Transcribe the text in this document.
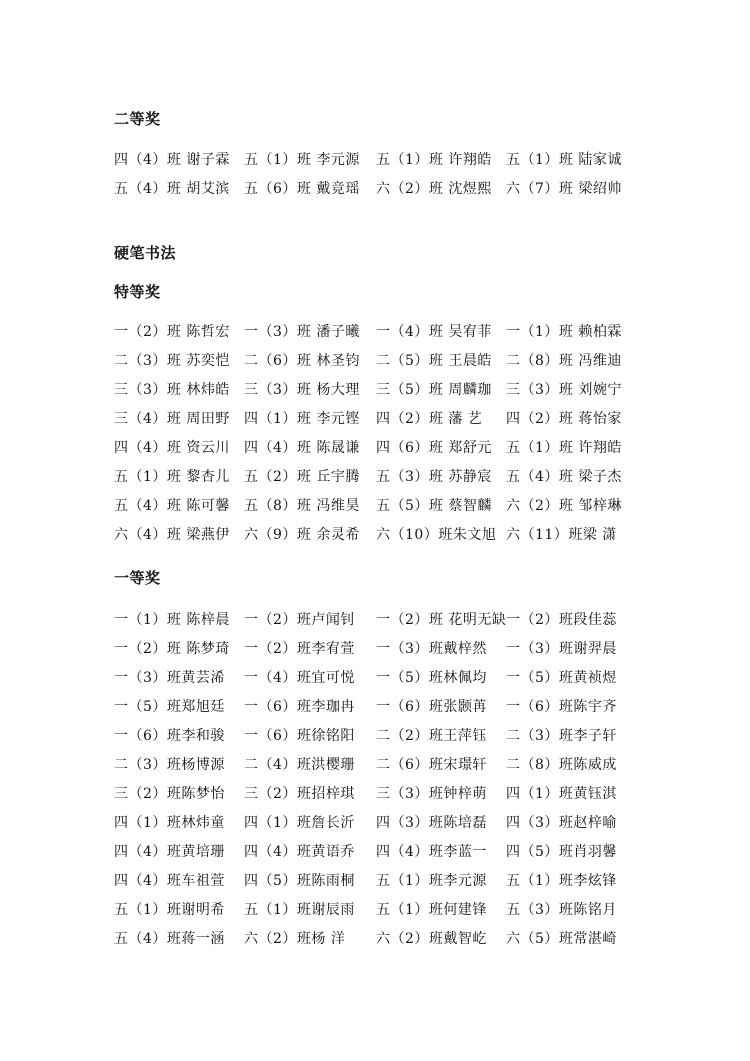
二等奖
四（4）班 谢子霖 五（1）班 李元源 五（1）班 许翔皓 五（1）班 陆家诚
五（4）班 胡艾滨 五（6）班 戴竞瑶 六（2）班 沈煜熙 六（7）班 梁绍帅
硬笔书法
特等奖
一（2）班 陈哲宏 一（3）班 潘子曦 一（4）班 吴宥菲 一（1）班 赖柏霖
二（3）班 苏奕恺 二（6）班 林圣钧 二（5）班 王晨皓 二（8）班 冯维迪
三（3）班 林炜皓 三（3）班 杨大理 三（5）班 周麟珈 三（3）班 刘婉宁
三（4）班 周田野 四（1）班 李元铿 四（2）班 藩 艺 四（2）班 蒋怡家
四（4）班 资云川 四（4）班 陈晟谦 四（6）班 郑舒元 五（1）班 许翔皓
五（1）班 黎杏儿 五（2）班 丘宇腾 五（3）班 苏静宸 五（4）班 梁子杰
五（4）班 陈可馨 五（8）班 冯维昊 五（5）班 蔡智麟 六（2）班 邹梓琳
六（4）班 梁燕伊 六（9）班 余灵希 六（10）班朱文旭 六（11）班梁 潇
一等奖
一（1）班 陈梓晨 一（2）班卢闻钊 一（2）班 花明无缺 一（2）班段佳蕊
一（2）班 陈梦琦 一（2）班李宥萱 一（3）班戴梓然 一（3）班谢羿晨
一（3）班黄芸浠 一（4）班宜可悦 一（5）班林佩均 一（5）班黄祯煜
一（5）班郑旭廷 一（6）班李珈冉 一（6）班张颢苒 一（6）班陈宇齐
一（6）班李和骏 一（6）班徐铭阳 二（2）班王萍钰 二（3）班李子轩
二（3）班杨博源 二（4）班洪樱珊 二（6）班宋璟轩 二（8）班陈威成
三（2）班陈梦怡 三（2）班招梓琪 三（3）班钟梓萌 四（1）班黄钰淇
四（1）班林炜童 四（1）班詹长沂 四（3）班陈培磊 四（3）班赵梓喻
四（4）班黄培珊 四（4）班黄语乔 四（4）班李蓝一 四（5）班肖羽馨
四（4）班车祖萱 四（5）班陈雨桐 五（1）班李元源 五（1）班李炫锋
五（1）班谢明希 五（1）班谢辰雨 五（1）班何建锋 五（3）班陈铭月
五（4）班蒋一涵 六（2）班杨 洋 六（2）班戴智屹 六（5）班常湛崎
